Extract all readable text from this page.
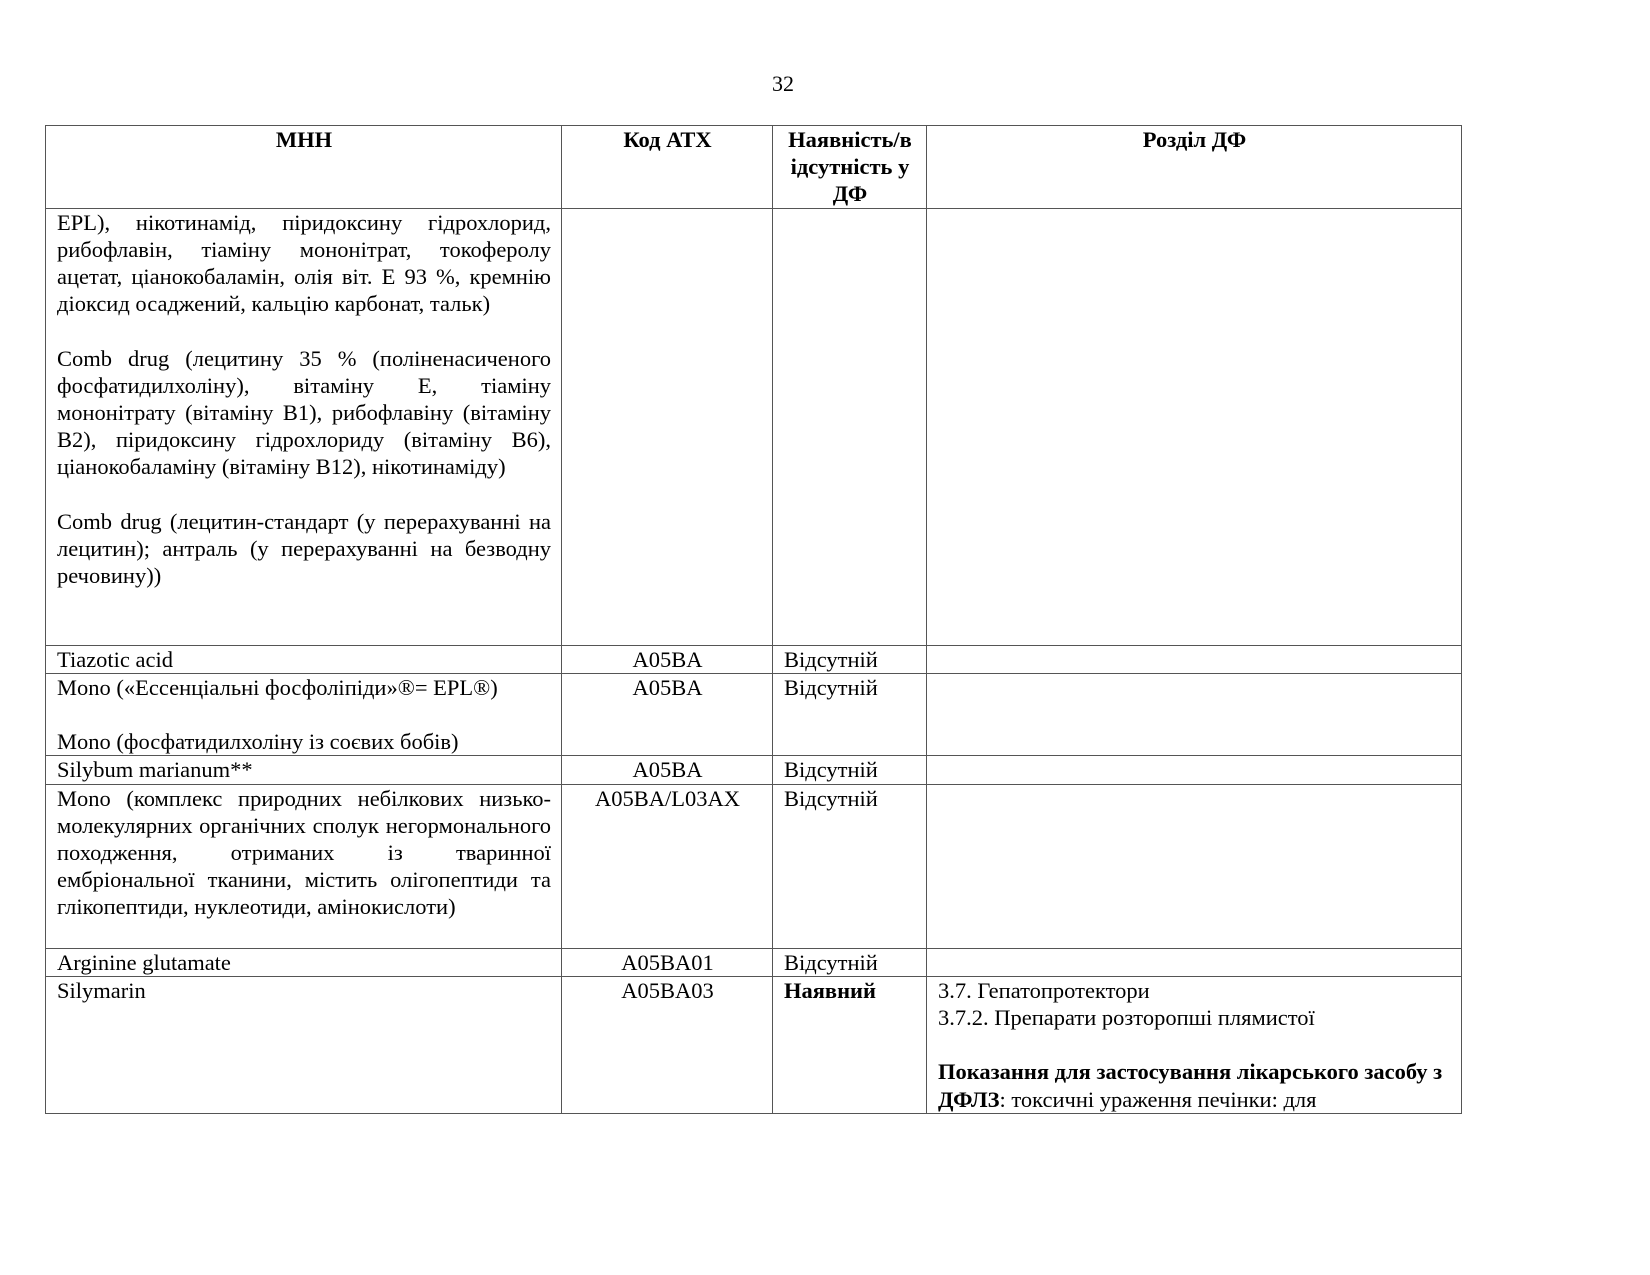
32
МНН	Код АТХ	Наявність/в ідсутність у ДФ	Розділ ДФ

EPL), нікотинамід, піридоксину гідрохлорид, рибофлавін, тіаміну мононітрат, токоферолу ацетат, ціанокобаламін, олія віт. Е 93 %, кремнію діоксид осаджений, кальцію карбонат, тальк)
Comb drug (лецитину 35 % (поліненасиченого фосфатидилхоліну), вітаміну Е, тіаміну мононітрату (вітаміну В1), рибофлавіну (вітаміну В2), піридоксину гідрохлориду (вітаміну В6), ціанокобаламіну (вітаміну В12), нікотинаміду)
Comb drug (лецитин-стандарт (у перерахуванні на лецитин); антраль (у перерахуванні на безводну речовину))			

Tiazotic acid	A05BA	Відсутній	

Mono («Ессенціальні фосфоліпіди»®= EPL®)
Mono (фосфатидилхоліну із соєвих бобів)	A05BA	Відсутній	

Silybum marianum**	A05BA	Відсутній	

Mono (комплекс природних небілкових низько-молекулярних органічних сполук негормонального походження, отриманих із тваринної ембріональної тканини, містить олігопептиди та глікопептиди, нуклеотиди, амінокислоти)	A05BA/L03AX	Відсутній	

Arginine glutamate	A05BA01	Відсутній	

Silymarin	A05BA03	Наявний	3.7. Гепатопротектори
3.7.2. Препарати розторопші плямистої
Показання для застосування лікарського засобу з ДФЛЗ: токсичні ураження печінки: для
